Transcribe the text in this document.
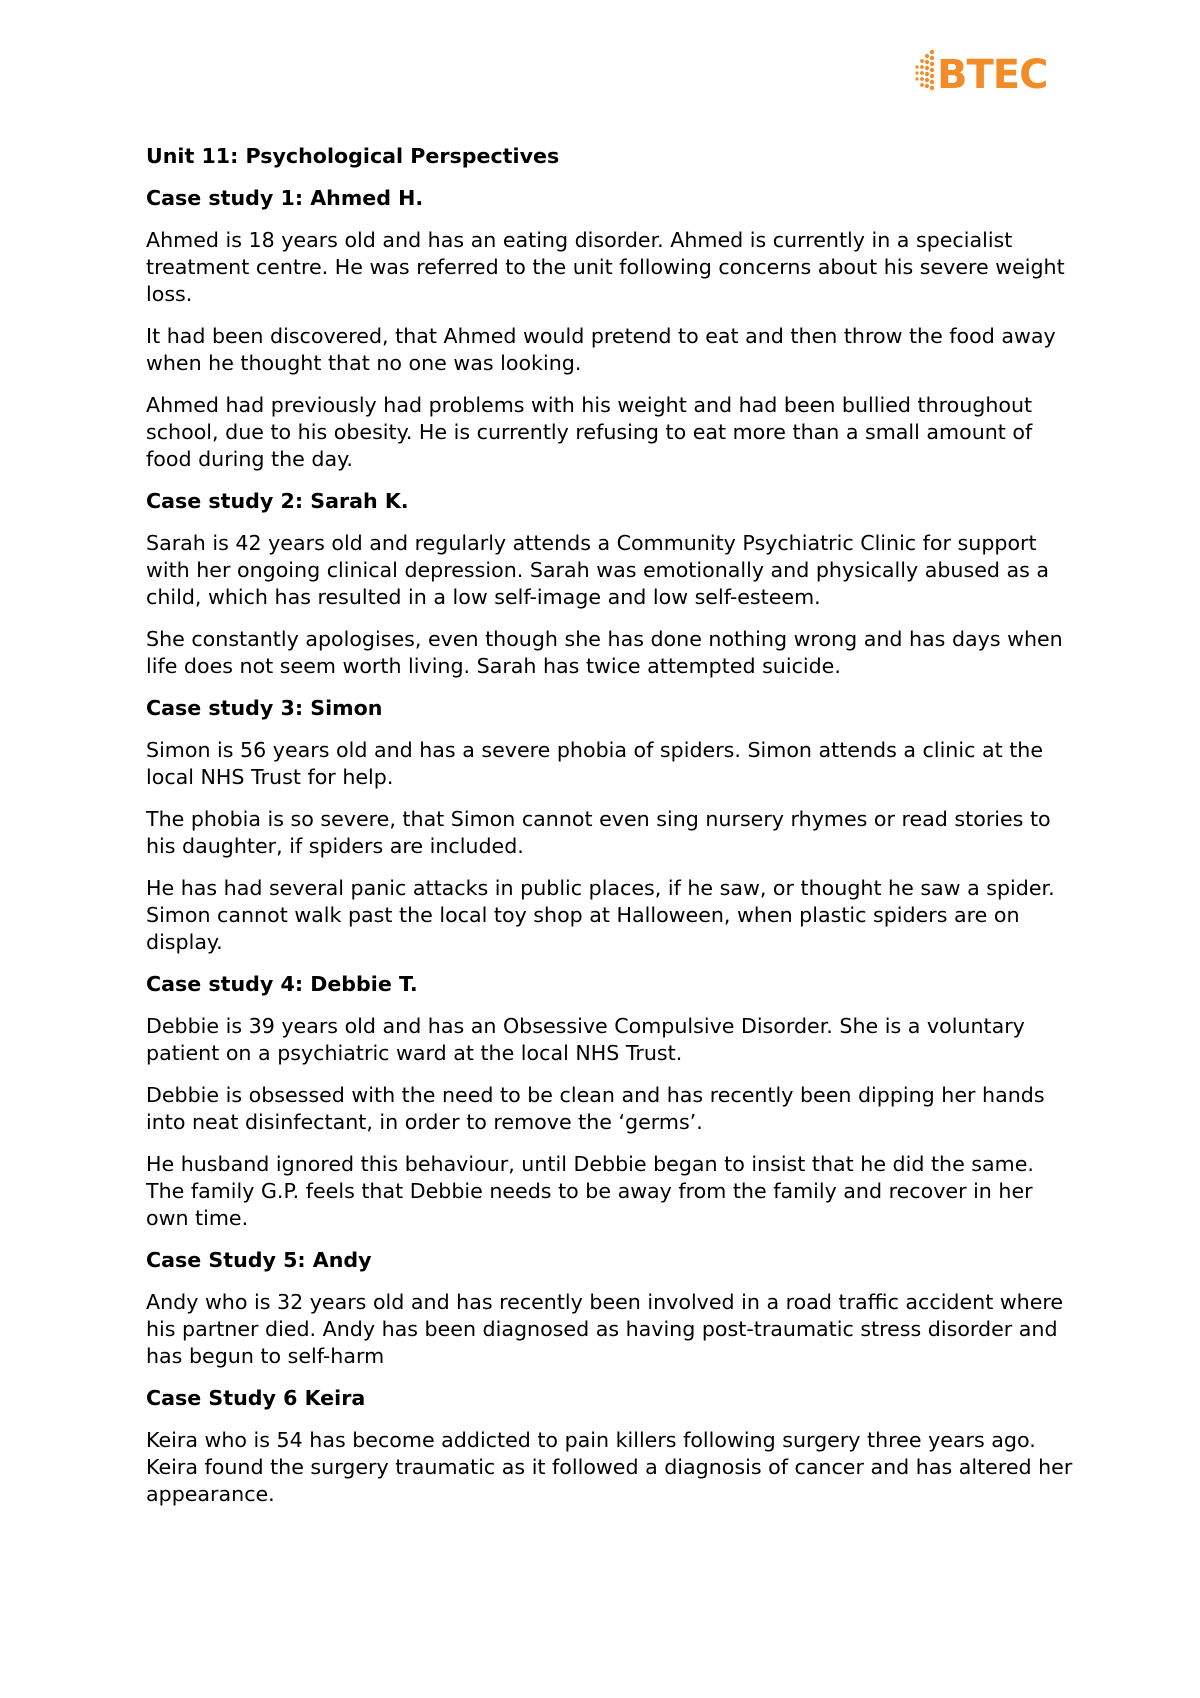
BTEC
Unit 11: Psychological Perspectives
Case study 1: Ahmed H.

Ahmed is 18 years old and has an eating disorder. Ahmed is currently in a specialist treatment centre. He was referred to the unit following concerns about his severe weight loss.

It had been discovered, that Ahmed would pretend to eat and then throw the food away when he thought that no one was looking.

Ahmed had previously had problems with his weight and had been bullied throughout school, due to his obesity. He is currently refusing to eat more than a small amount of food during the day.

Case study 2: Sarah K.

Sarah is 42 years old and regularly attends a Community Psychiatric Clinic for support with her ongoing clinical depression. Sarah was emotionally and physically abused as a child, which has resulted in a low self-image and low self-esteem.

She constantly apologises, even though she has done nothing wrong and has days when life does not seem worth living. Sarah has twice attempted suicide.

Case study 3: Simon

Simon is 56 years old and has a severe phobia of spiders. Simon attends a clinic at the local NHS Trust for help.

The phobia is so severe, that Simon cannot even sing nursery rhymes or read stories to his daughter, if spiders are included.

He has had several panic attacks in public places, if he saw, or thought he saw a spider. Simon cannot walk past the local toy shop at Halloween, when plastic spiders are on display.

Case study 4: Debbie T.

Debbie is 39 years old and has an Obsessive Compulsive Disorder. She is a voluntary patient on a psychiatric ward at the local NHS Trust.

Debbie is obsessed with the need to be clean and has recently been dipping her hands into neat disinfectant, in order to remove the ‘germs’.

He husband ignored this behaviour, until Debbie began to insist that he did the same. The family G.P. feels that Debbie needs to be away from the family and recover in her own time.

Case Study 5: Andy

Andy who is 32 years old and has recently been involved in a road traffic accident where his partner died. Andy has been diagnosed as having post-traumatic stress disorder and has begun to self-harm

Case Study 6 Keira

Keira who is 54 has become addicted to pain killers following surgery three years ago. Keira found the surgery traumatic as it followed a diagnosis of cancer and has altered her appearance.
